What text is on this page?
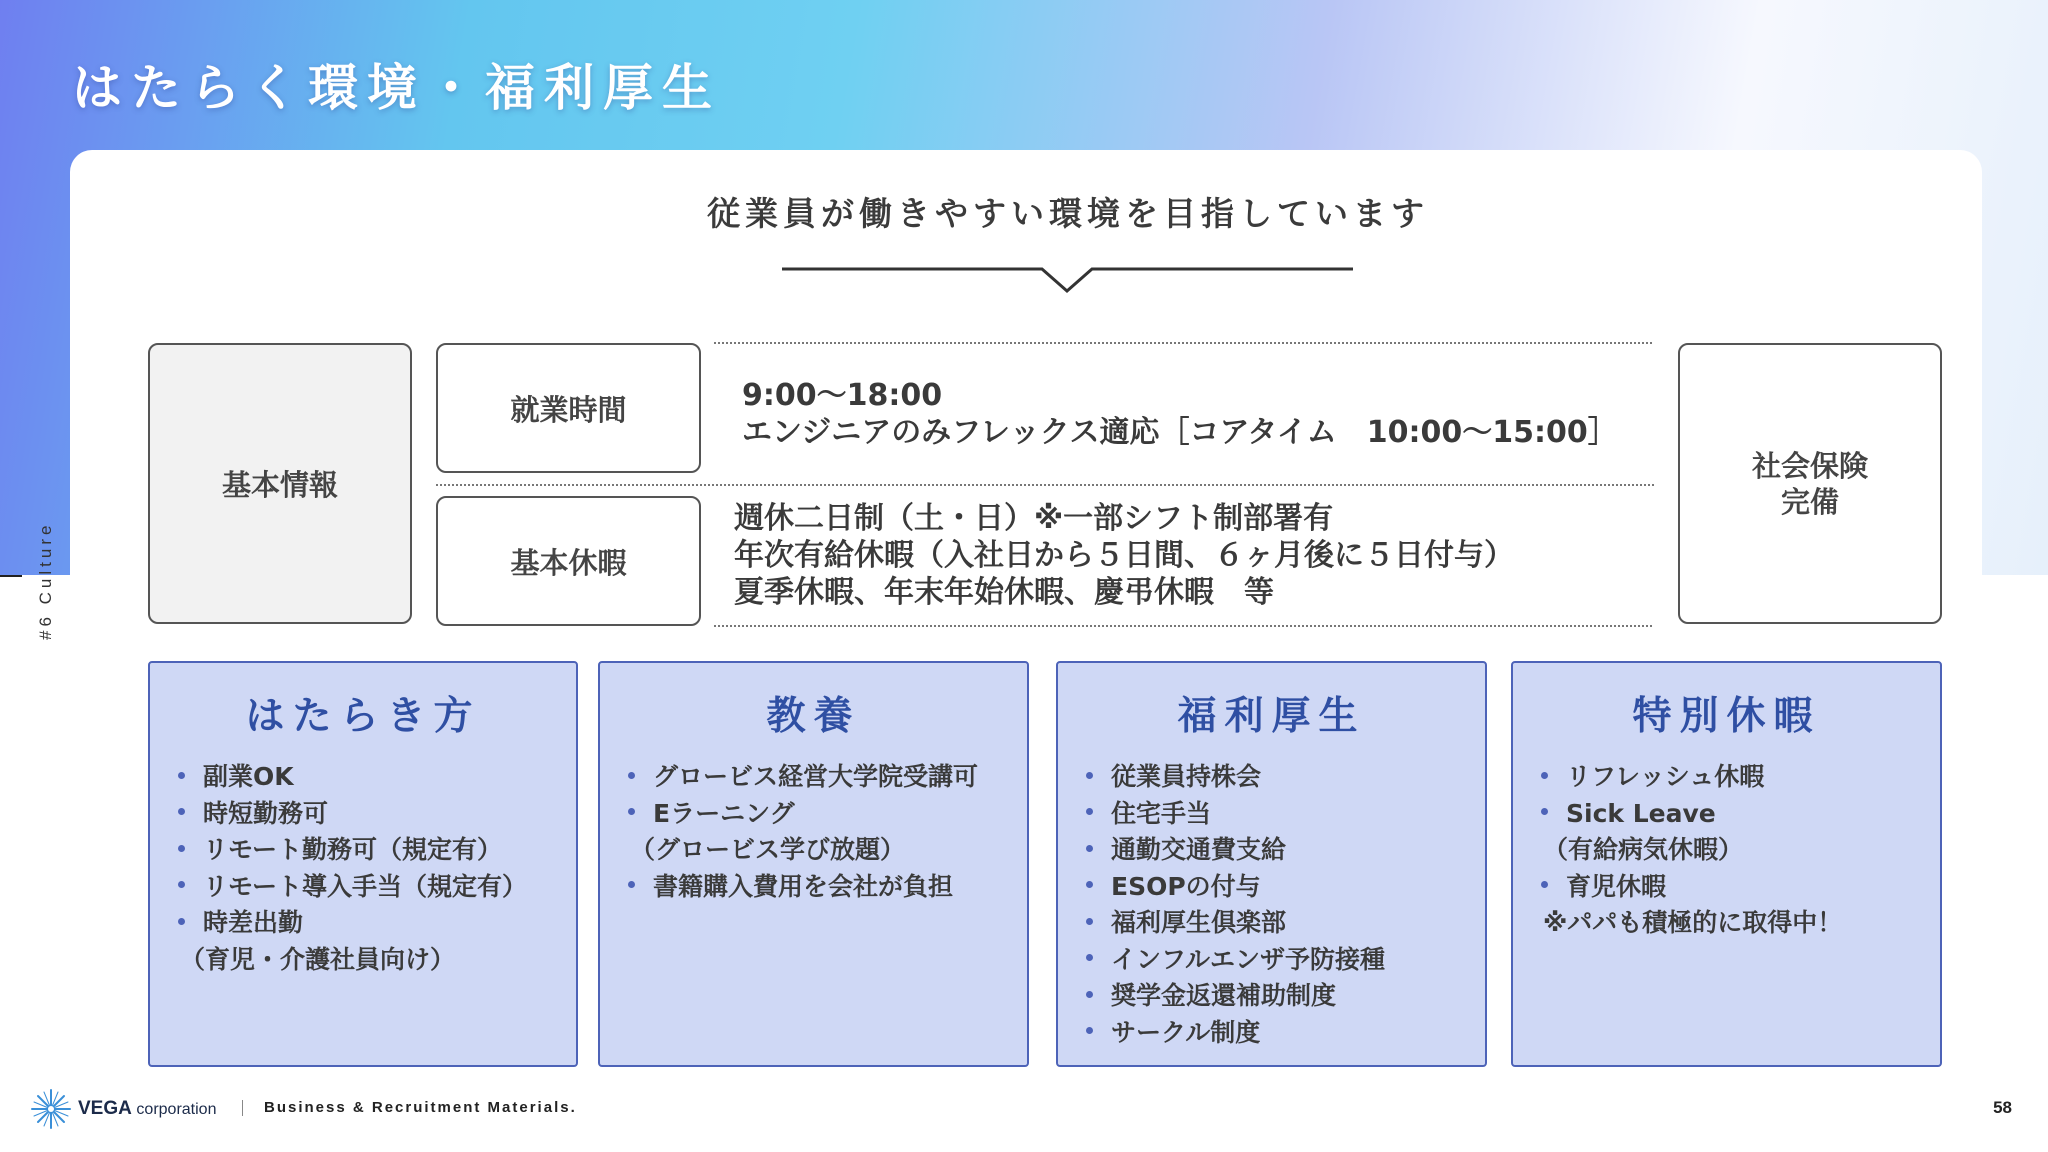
はたらく環境・福利厚生
#6 Culture
従業員が働きやすい環境を目指しています
基本情報
就業時間
基本休暇
9:00〜18:00
エンジニアのみフレックス適応［コアタイム　10:00〜15:00］
週休二日制（土・日）※一部シフト制部署有
年次有給休暇（入社日から５日間、６ヶ月後に５日付与）
夏季休暇、年末年始休暇、慶弔休暇　等
社会保険
完備
はたらき方
副業OK
時短勤務可
リモート勤務可（規定有）
リモート導入手当（規定有）
時差出勤
（育児・介護社員向け）
教養
グロービス経営大学院受講可
Eラーニング
（グロービス学び放題）
書籍購入費用を会社が負担
福利厚生
従業員持株会
住宅手当
通勤交通費支給
ESOPの付与
福利厚生倶楽部
インフルエンザ予防接種
奨学金返還補助制度
サークル制度
特別休暇
リフレッシュ休暇
Sick Leave
（有給病気休暇）
育児休暇
※パパも積極的に取得中！
VEGA corporation	Business & Recruitment Materials.	58
